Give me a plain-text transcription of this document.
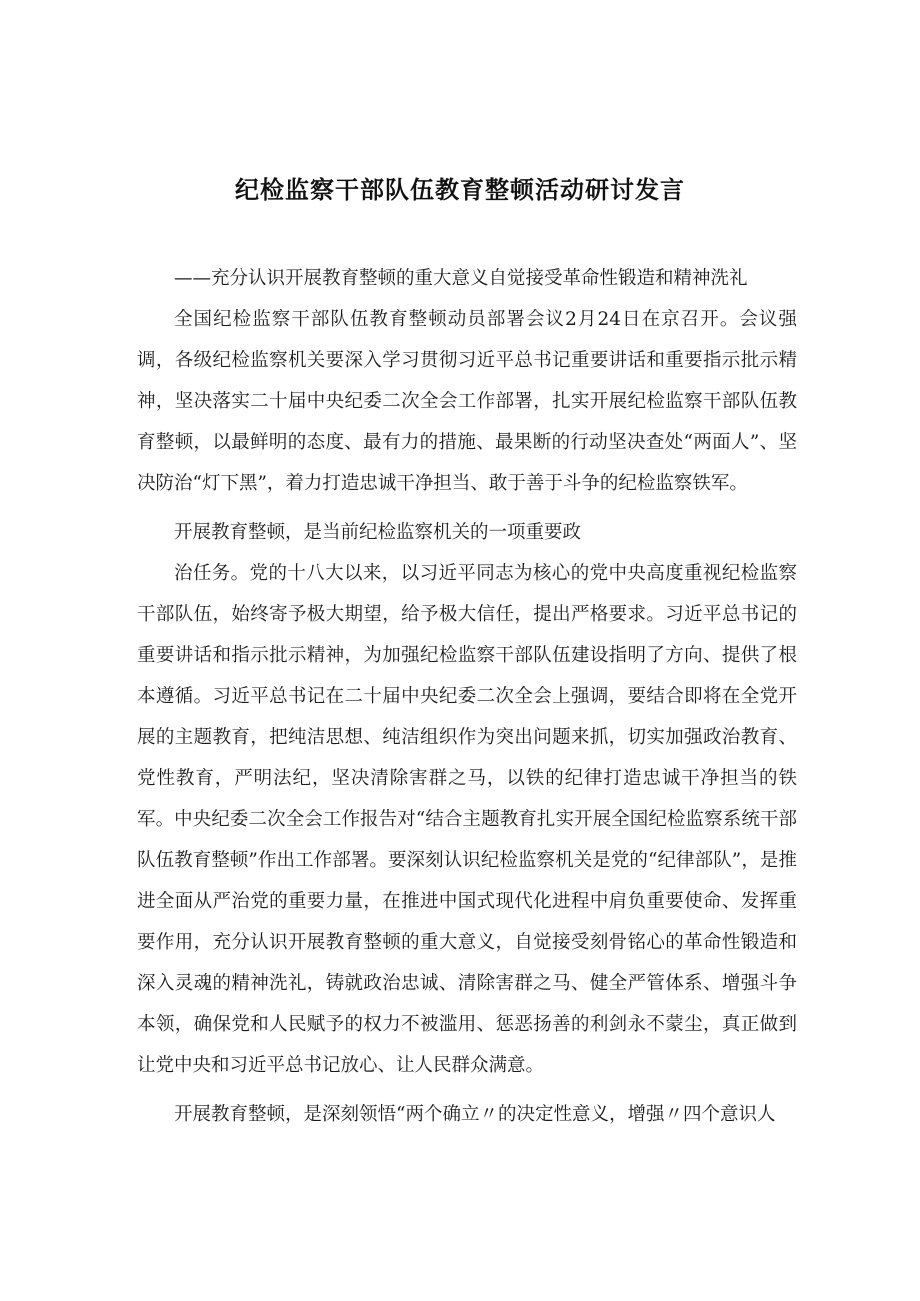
纪检监察干部队伍教育整顿活动研讨发言

——充分认识开展教育整顿的重大意义自觉接受革命性锻造和精神洗礼

全国纪检监察干部队伍教育整顿动员部署会议2月24日在京召开。会议强调，各级纪检监察机关要深入学习贯彻习近平总书记重要讲话和重要指示批示精神，坚决落实二十届中央纪委二次全会工作部署，扎实开展纪检监察干部队伍教育整顿，以最鲜明的态度、最有力的措施、最果断的行动坚决查处“两面人”、坚决防治“灯下黑”，着力打造忠诚干净担当、敢于善于斗争的纪检监察铁军。

开展教育整顿，是当前纪检监察机关的一项重要政

治任务。党的十八大以来，以习近平同志为核心的党中央高度重视纪检监察干部队伍，始终寄予极大期望，给予极大信任，提出严格要求。习近平总书记的重要讲话和指示批示精神，为加强纪检监察干部队伍建设指明了方向、提供了根本遵循。习近平总书记在二十届中央纪委二次全会上强调，要结合即将在全党开展的主题教育，把纯洁思想、纯洁组织作为突出问题来抓，切实加强政治教育、党性教育，严明法纪，坚决清除害群之马，以铁的纪律打造忠诚干净担当的铁军。中央纪委二次全会工作报告对“结合主题教育扎实开展全国纪检监察系统干部队伍教育整顿”作出工作部署。要深刻认识纪检监察机关是党的“纪律部队”，是推进全面从严治党的重要力量，在推进中国式现代化进程中肩负重要使命、发挥重要作用，充分认识开展教育整顿的重大意义，自觉接受刻骨铭心的革命性锻造和深入灵魂的精神洗礼，铸就政治忠诚、清除害群之马、健全严管体系、增强斗争本领，确保党和人民赋予的权力不被滥用、惩恶扬善的利剑永不蒙尘，真正做到让党中央和习近平总书记放心、让人民群众满意。

开展教育整顿，是深刻领悟“两个确立〃的决定性意义，增强〃四个意识人
